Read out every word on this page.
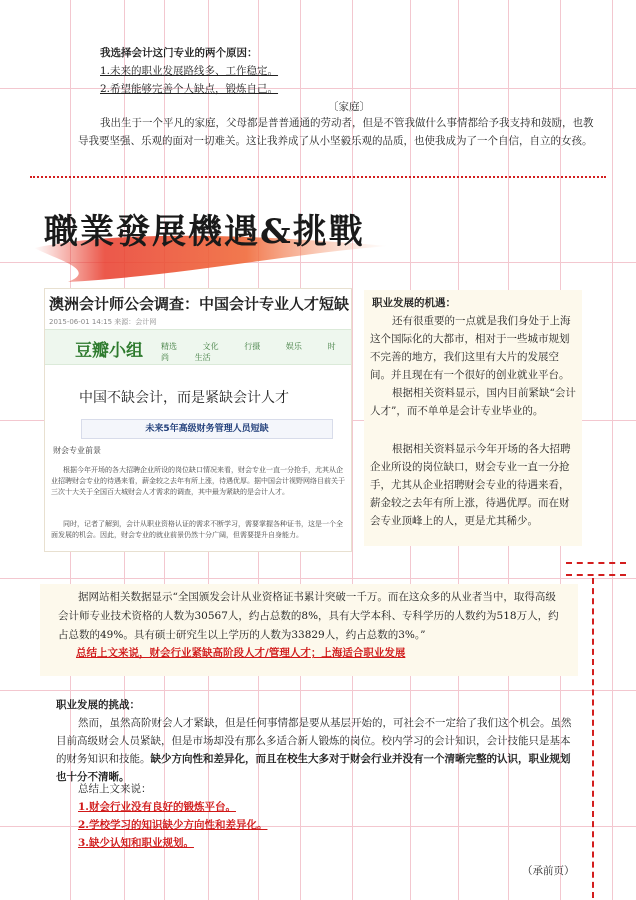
我选择会计这门专业的两个原因：
1.未来的职业发展路线多、工作稳定。
2.希望能够完善个人缺点，锻炼自己。
〔家庭〕
我出生于一个平凡的家庭，父母都是普普通通的劳动者，但是不管我做什么事情都给予我支持和鼓励，也教导我要坚强、乐观的面对一切难关。这让我养成了从小坚毅乐观的品质，也使我成为了一个自信，自立的女孩。
職業發展機遇&挑戰
澳洲会计师公会调查：中国会计专业人才短缺
2015-06-01 14:15 来源：会计网
豆瓣小组 精选	文化	行摄	娱乐	时尚	生活
中国不缺会计，而是紧缺会计人才
未来5年高级财务管理人员短缺
财会专业前景
根据今年开场的各大招聘企业所设的岗位缺口情况来看，财会专业一直一分抢手，尤其从企业招聘财会专业的待遇来看，薪金较之去年有所上涨，待遇优厚。据中国会计视野网络目前关于三次十大关于全国百大城财会人才需求的调查，其中最为紧缺的是会计人才。
同时，记者了解到，会计从职业资格认证的需求不断学习，需要掌握各种证书，这是一个全面发展的机会。因此，财会专业的就业前景仍然十分广阔，但需要提升自身能力。
职业发展的机遇：
还有很重要的一点就是我们身处于上海这个国际化的大都市，相对于一些城市规划不完善的地方，我们这里有大片的发展空间。并且现在有一个很好的创业就业平台。
根据相关资料显示，国内目前紧缺“会计人才”，而不单单是会计专业毕业的。
根据相关资料显示今年开场的各大招聘企业所设的岗位缺口，财会专业一直一分抢手，尤其从企业招聘财会专业的待遇来看，薪金较之去年有所上涨，待遇优厚。而在财会专业顶峰上的人，更是尤其稀少。
据网站相关数据显示“全国颁发会计从业资格证书累计突破一千万。而在这众多的从业者当中，取得高级会计师专业技术资格的人数为30567人，约占总数的8%，具有大学本科、专科学历的人数约为518万人，约占总数的49%。具有硕士研究生以上学历的人数为33829人，约占总数的3%。”
总结上文来说，财会行业紧缺高阶段人才/管理人才；上海适合职业发展
职业发展的挑战：
然而，虽然高阶财会人才紧缺，但是任何事情都是要从基层开始的，可社会不一定给了我们这个机会。虽然目前高级财会人员紧缺，但是市场却没有那么多适合新人锻炼的岗位。校内学习的会计知识，会计技能只是基本的财务知识和技能。缺少方向性和差异化，而且在校生大多对于财会行业并没有一个清晰完整的认识，职业规划也十分不清晰。
总结上文来说：
1.财会行业没有良好的锻炼平台。
2.学校学习的知识缺少方向性和差异化。
3.缺少认知和职业规划。
（承前页）
